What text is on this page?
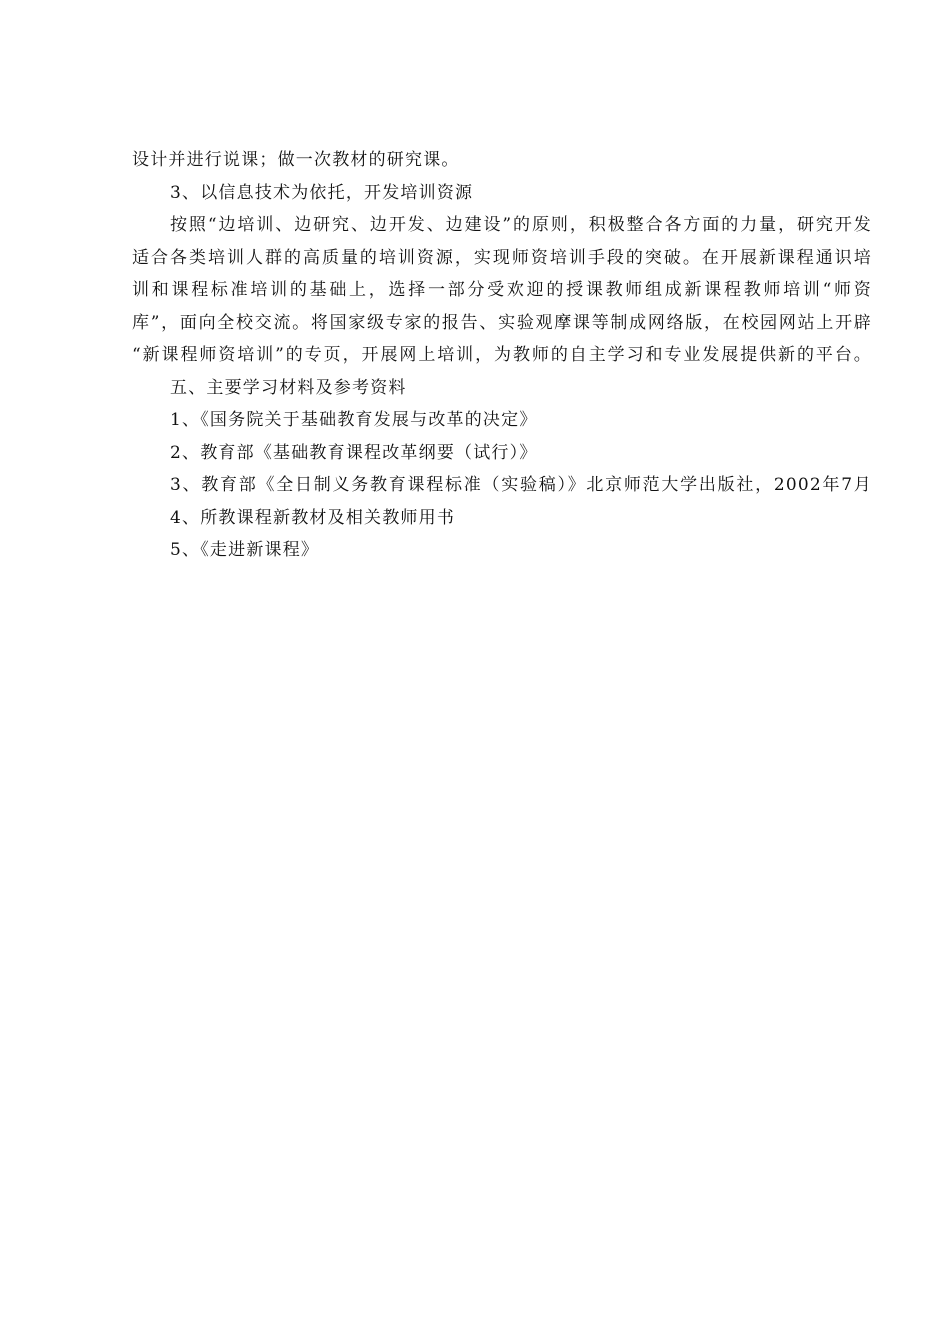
设计并进行说课；做一次教材的研究课。
3、以信息技术为依托，开发培训资源
按照“边培训、边研究、边开发、边建设”的原则，积极整合各方面的力量，研究开发
适合各类培训人群的高质量的培训资源，实现师资培训手段的突破。在开展新课程通识培
训和课程标准培训的基础上，选择一部分受欢迎的授课教师组成新课程教师培训“师资
库”，面向全校交流。将国家级专家的报告、实验观摩课等制成网络版，在校园网站上开辟
“新课程师资培训”的专页，开展网上培训，为教师的自主学习和专业发展提供新的平台。
五、主要学习材料及参考资料
1、《国务院关于基础教育发展与改革的决定》
2、教育部《基础教育课程改革纲要（试行）》
3、教育部《全日制义务教育课程标准（实验稿）》北京师范大学出版社，2002年7月
4、所教课程新教材及相关教师用书
5、《走进新课程》
